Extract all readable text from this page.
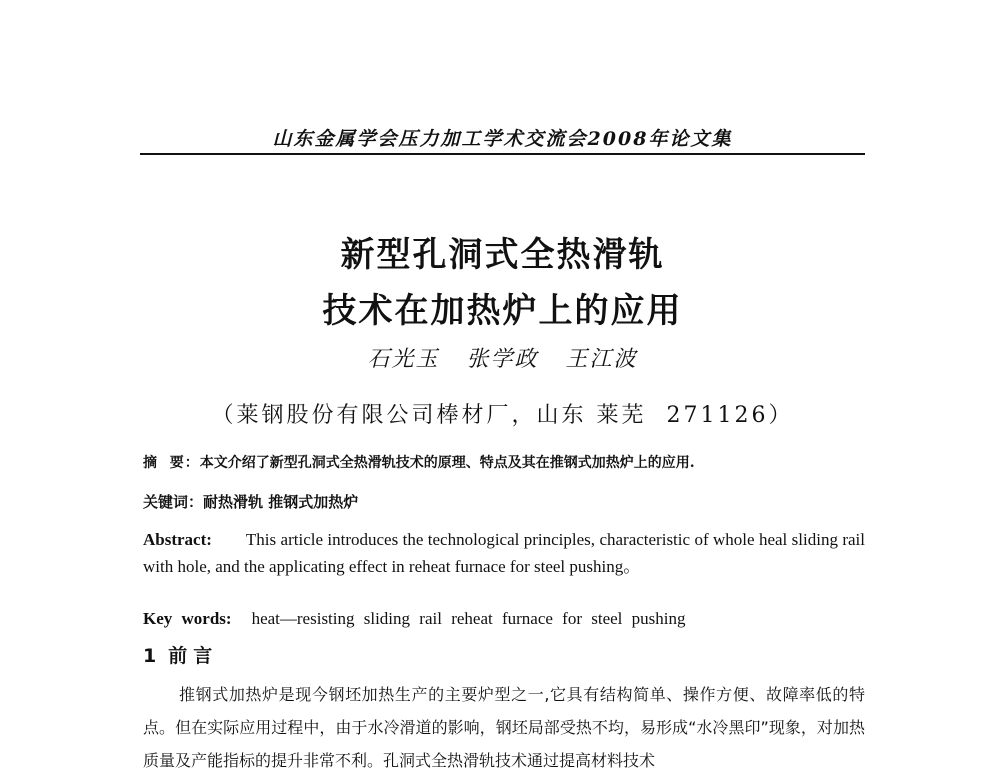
山东金属学会压力加工学术交流会2008年论文集
新型孔洞式全热滑轨
技术在加热炉上的应用
石光玉   张学政   王江波
（莱钢股份有限公司棒材厂，山东 莱芜  271126）
摘  要：本文介绍了新型孔洞式全热滑轨技术的原理、特点及其在推钢式加热炉上的应用.
关键词：耐热滑轨 推钢式加热炉
Abstract: This article introduces the technological principles, characteristic of whole heal sliding rail with hole, and the applicating effect in reheat furnace for steel pushing。
Key words: heat—resisting sliding rail reheat furnace for steel pushing
1 前言
推钢式加热炉是现今钢坯加热生产的主要炉型之一,它具有结构简单、操作方便、故障率低的特点。但在实际应用过程中，由于水冷滑道的影响，钢坯局部受热不均，易形成“水冷黑印”现象，对加热质量及产能指标的提升非常不利。孔洞式全热滑轨技术通过提高材料技术
